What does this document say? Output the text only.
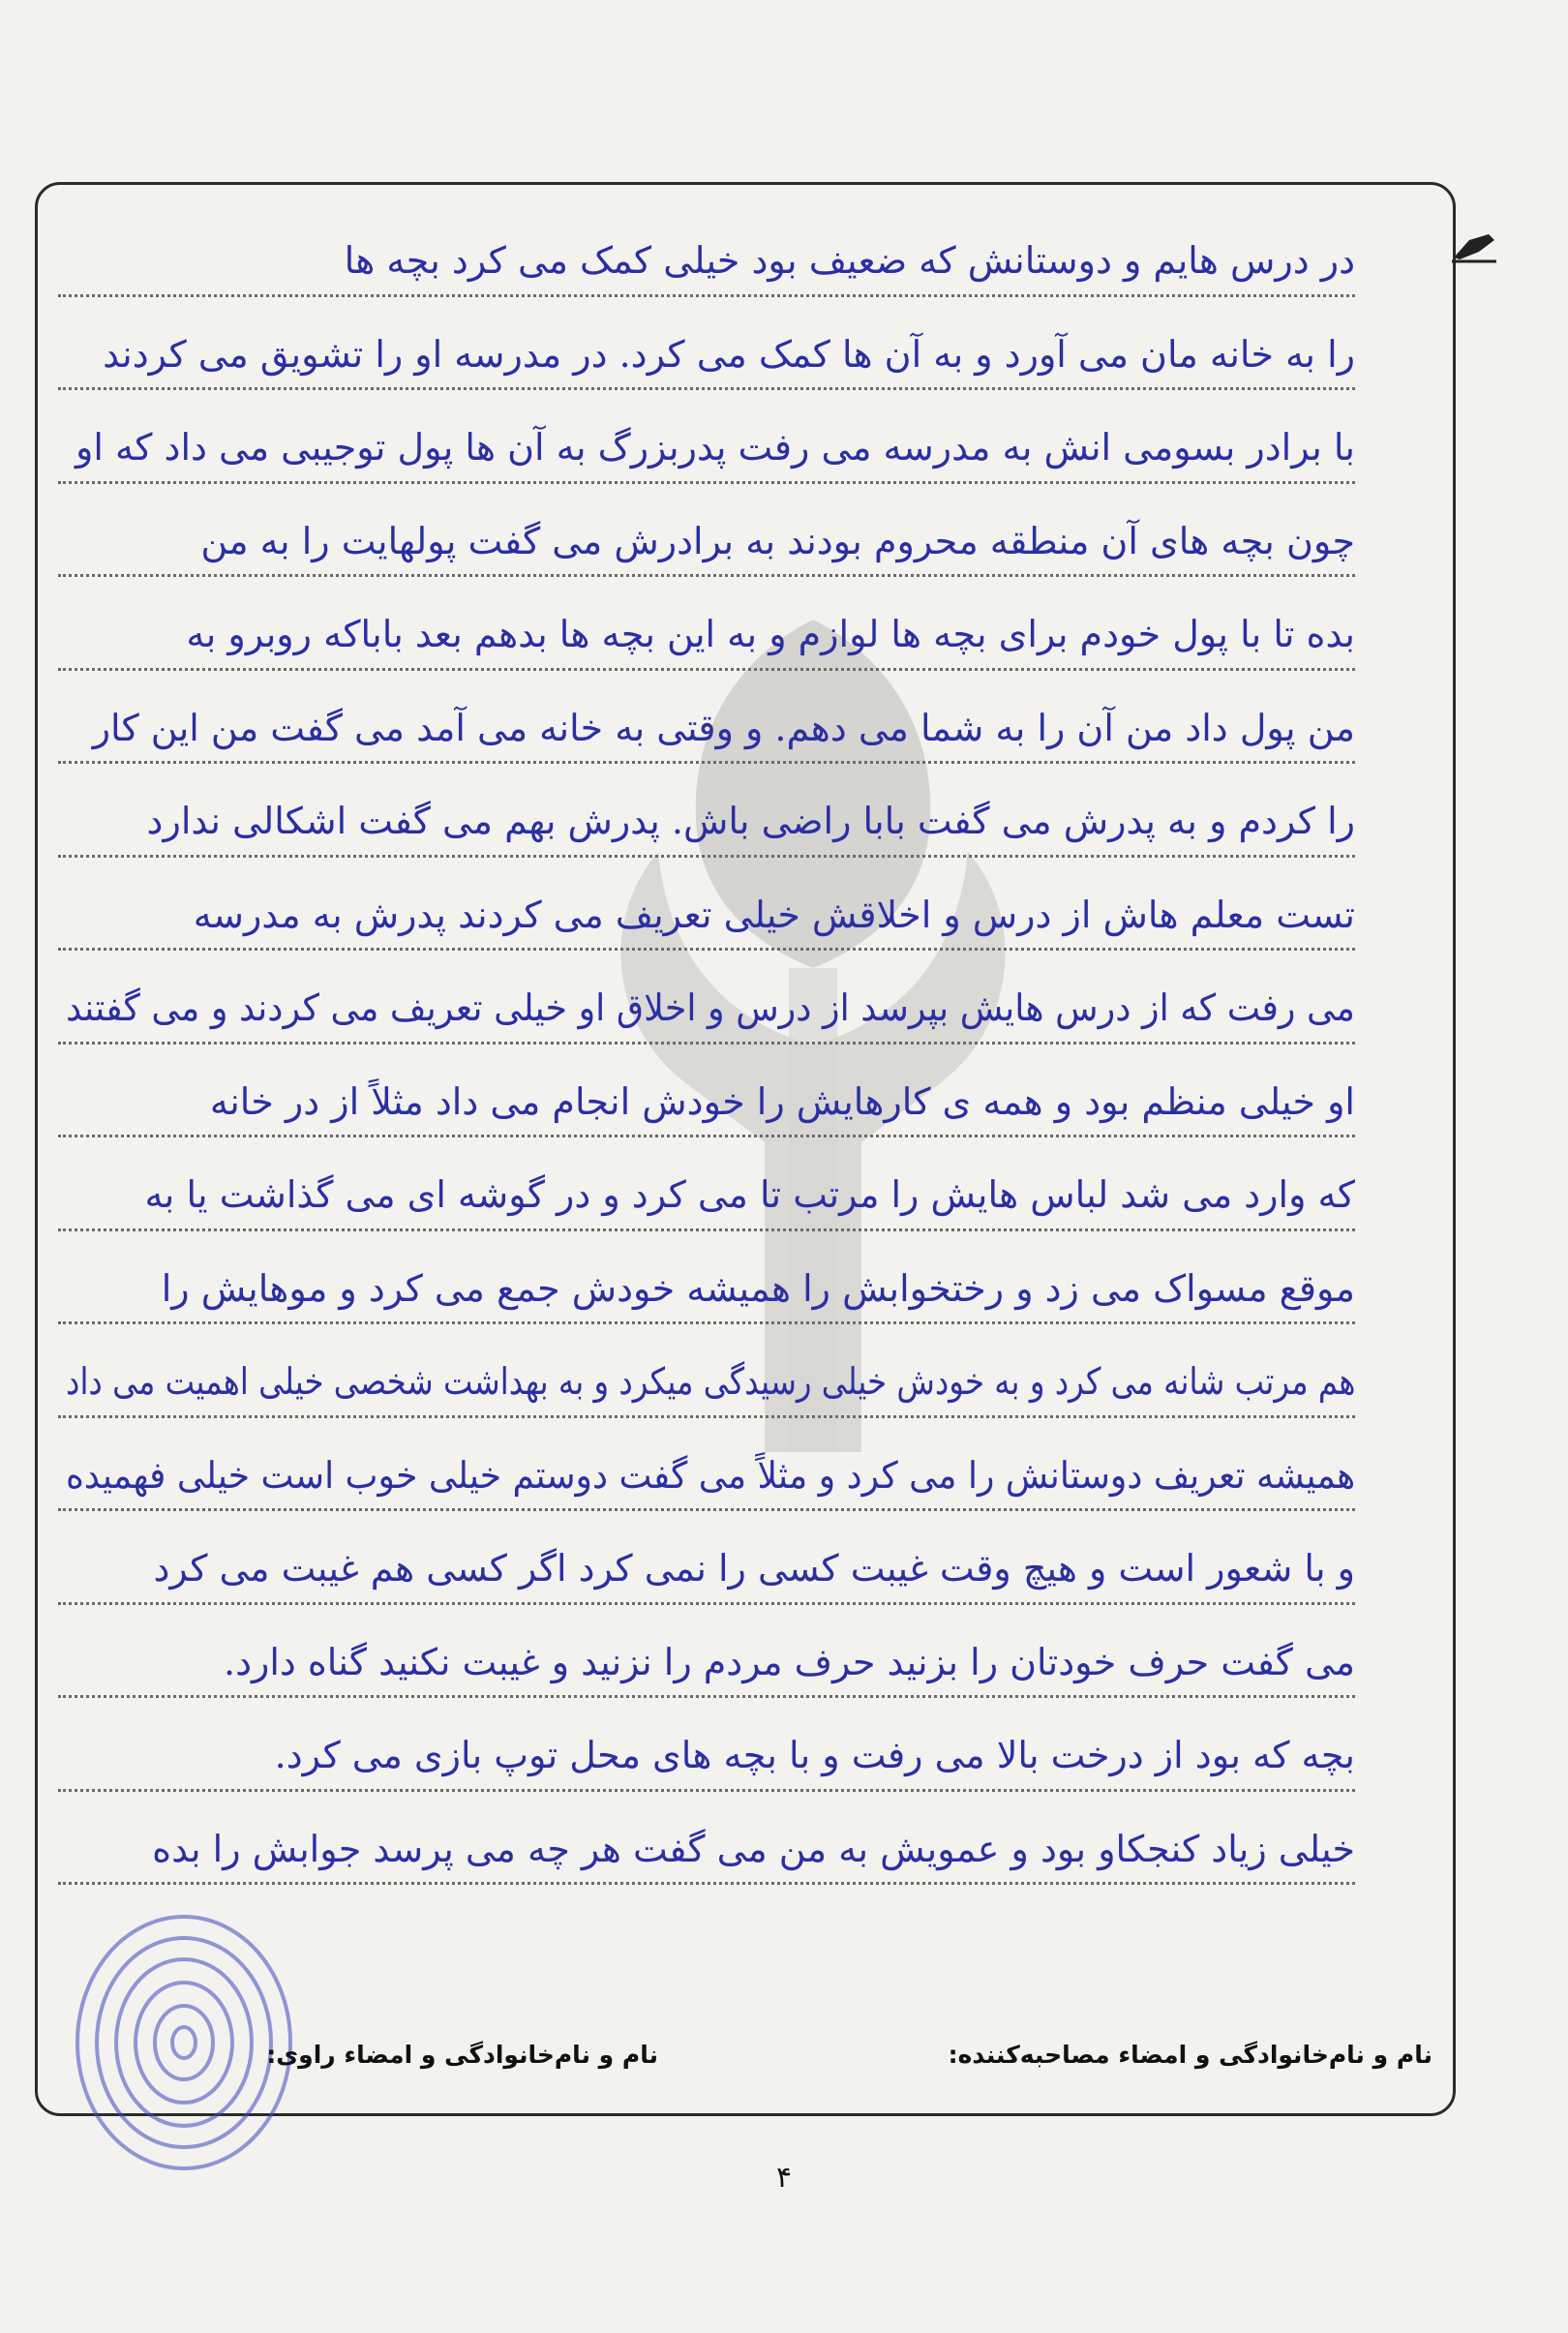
در درس هایم و دوستانش که ضعیف بود خیلی کمک می کرد بچه ها
را به خانه مان می آورد و به آن ها کمک می کرد. در مدرسه او را تشویق می کردند
با برادر بسومی انش به مدرسه می رفت پدربزرگ به آن ها پول توجیبی می داد که او
چون بچه های آن منطقه محروم بودند به برادرش می گفت پولهایت را به من
بده تا با پول خودم برای بچه ها لوازم و به این بچه ها بدهم بعد باباکه روبرو به
من پول داد من آن را به شما می دهم. و وقتی به خانه می آمد می گفت من این کار
را کردم و به پدرش می گفت بابا راضی باش. پدرش بهم می گفت اشکالی ندارد
تست معلم هاش از درس و اخلاقش خیلی تعریف می کردند پدرش به مدرسه
می رفت که از درس هایش بپرسد از درس و اخلاق او خیلی تعریف می کردند و می گفتند
او خیلی منظم بود و همه ی کارهایش را خودش انجام می داد مثلاً از در خانه
که وارد می شد لباس هایش را مرتب تا می کرد و در گوشه ای می گذاشت یا به
موقع مسواک می زد و رختخوابش را همیشه خودش جمع می کرد و موهایش را
هم مرتب شانه می کرد و به خودش خیلی رسیدگی میکرد و به بهداشت شخصی خیلی اهمیت می داد
همیشه تعریف دوستانش را می کرد و مثلاً می گفت دوستم خیلی خوب است خیلی فهمیده
و با شعور است و هیچ وقت غیبت کسی را نمی کرد اگر کسی هم غیبت می کرد
می گفت حرف خودتان را بزنید حرف مردم را نزنید و غیبت نکنید گناه دارد.
بچه که بود از درخت بالا می رفت و با بچه های محل توپ بازی می کرد.
خیلی زیاد کنجکاو بود و عمویش به من می گفت هر چه می پرسد جوابش را بده
نام و نام‌خانوادگی و امضاء مصاحبه‌کننده:
نام و نام‌خانوادگی و امضاء راوی:
۴
